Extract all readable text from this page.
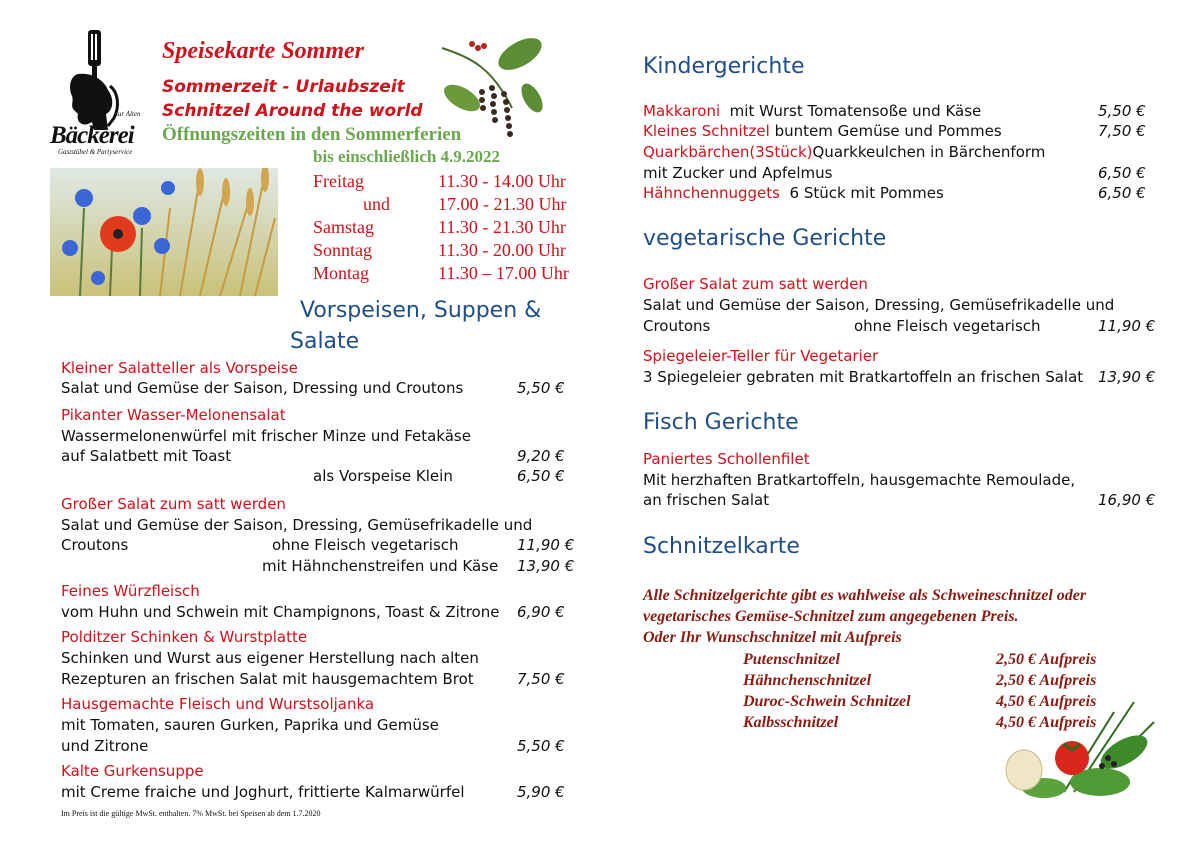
Zur Alten
Bäckerei
Gaststübel & Partyservice
Speisekarte Sommer
Sommerzeit - Urlaubszeit
Schnitzel Around the world
Öffnungszeiten in den Sommerferien
bis einschließlich 4.9.2022
Freitag	11.30 - 14.00 Uhr
und	17.00 - 21.30 Uhr
Samstag	11.30 - 21.30 Uhr
Sonntag	11.30 - 20.00 Uhr
Montag	11.30 – 17.00 Uhr
Vorspeisen, Suppen &
Salate
Kleiner Salatteller als Vorspeise
Salat und Gemüse der Saison, Dressing und Croutons	5,50 €
Pikanter Wasser-Melonensalat
Wassermelonenwürfel mit frischer Minze und Fetakäse
auf Salatbett mit Toast	9,20 €
als Vorspeise Klein	6,50 €
Großer Salat zum satt werden
Salat und Gemüse der Saison, Dressing, Gemüsefrikadelle und
Croutons	ohne Fleisch vegetarisch	11,90 €
mit Hähnchenstreifen und Käse 13,90 €
Feines Würzfleisch
vom Huhn und Schwein mit Champignons, Toast & Zitrone 6,90 €
Polditzer Schinken & Wurstplatte
Schinken und Wurst aus eigener Herstellung nach alten
Rezepturen an frischen Salat mit hausgemachtem Brot	7,50 €
Hausgemachte Fleisch und Wurstsoljanka
mit Tomaten, sauren Gurken, Paprika und Gemüse
und Zitrone	5,50 €
Kalte Gurkensuppe
mit Creme fraiche und Joghurt, frittierte Kalmarwürfel	5,90 €
Im Preis ist die gültige MwSt. enthalten. 7% MwSt. bei Speisen ab dem 1.7.2020
Kindergerichte
Makkaroni  mit Wurst Tomatensoße und Käse	5,50 €
Kleines Schnitzel buntem Gemüse und Pommes	7,50 €
Quarkbärchen(3Stück)Quarkkeulchen in Bärchenform
mit Zucker und Apfelmus	6,50 €
Hähnchennuggets  6 Stück mit Pommes	6,50 €
vegetarische Gerichte
Großer Salat zum satt werden
Salat und Gemüse der Saison, Dressing, Gemüsefrikadelle und
Croutons	ohne Fleisch vegetarisch	11,90 €
Spiegeleier-Teller für Vegetarier
3 Spiegeleier gebraten mit Bratkartoffeln an frischen Salat 13,90 €
Fisch Gerichte
Paniertes Schollenfilet
Mit herzhaften Bratkartoffeln, hausgemachte Remoulade,
an frischen Salat	16,90 €
Schnitzelkarte
Alle Schnitzelgerichte gibt es wahlweise als Schweineschnitzel oder
vegetarisches Gemüse-Schnitzel zum angegebenen Preis.
Oder Ihr Wunschschnitzel mit Aufpreis
Putenschnitzel	2,50 € Aufpreis
Hähnchenschnitzel	2,50 € Aufpreis
Duroc-Schwein Schnitzel	4,50 € Aufpreis
Kalbsschnitzel	4,50 € Aufpreis
